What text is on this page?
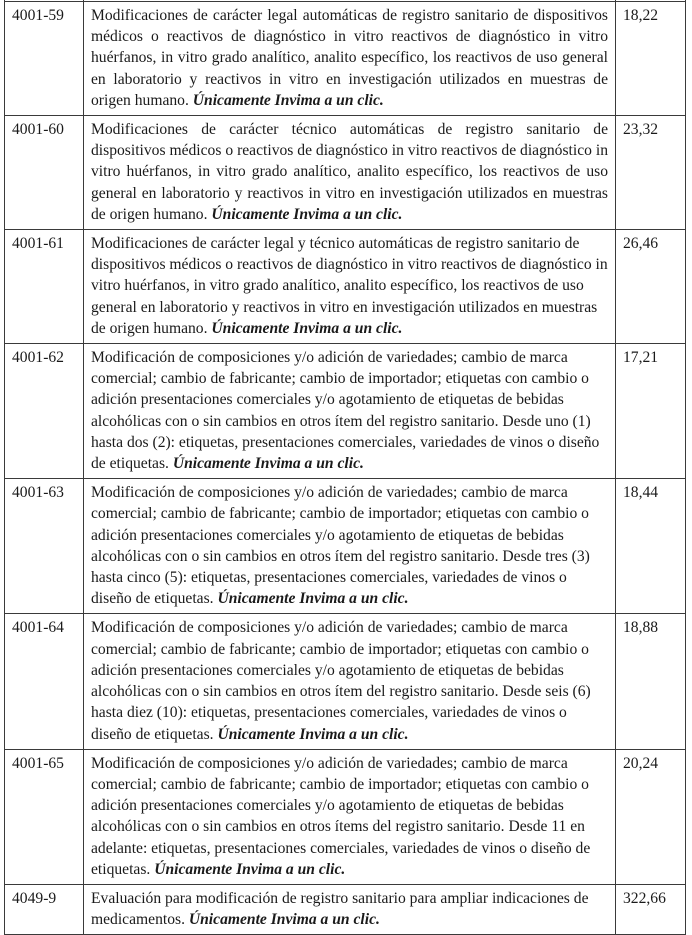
4001-59	Modificaciones de carácter legal automáticas de registro sanitario de dispositivos médicos o reactivos de diagnóstico in vitro reactivos de diagnóstico in vitro huérfanos, in vitro grado analítico, analito específico, los reactivos de uso general en laboratorio y reactivos in vitro en investigación utilizados en muestras de origen humano. Únicamente Invima a un clic.	18,22
4001-60	Modificaciones de carácter técnico automáticas de registro sanitario de dispositivos médicos o reactivos de diagnóstico in vitro reactivos de diagnóstico in vitro huérfanos, in vitro grado analítico, analito específico, los reactivos de uso general en laboratorio y reactivos in vitro en investigación utilizados en muestras de origen humano. Únicamente Invima a un clic.	23,32
4001-61	Modificaciones de carácter legal y técnico automáticas de registro sanitario de dispositivos médicos o reactivos de diagnóstico in vitro reactivos de diagnóstico in vitro huérfanos, in vitro grado analítico, analito específico, los reactivos de uso general en laboratorio y reactivos in vitro en investigación utilizados en muestras de origen humano. Únicamente Invima a un clic.	26,46
4001-62	Modificación de composiciones y/o adición de variedades; cambio de marca comercial; cambio de fabricante; cambio de importador; etiquetas con cambio o adición presentaciones comerciales y/o agotamiento de etiquetas de bebidas alcohólicas con o sin cambios en otros ítem del registro sanitario. Desde uno (1) hasta dos (2): etiquetas, presentaciones comerciales, variedades de vinos o diseño de etiquetas. Únicamente Invima a un clic.	17,21
4001-63	Modificación de composiciones y/o adición de variedades; cambio de marca comercial; cambio de fabricante; cambio de importador; etiquetas con cambio o adición presentaciones comerciales y/o agotamiento de etiquetas de bebidas alcohólicas con o sin cambios en otros ítem del registro sanitario. Desde tres (3) hasta cinco (5): etiquetas, presentaciones comerciales, variedades de vinos o diseño de etiquetas. Únicamente Invima a un clic.	18,44
4001-64	Modificación de composiciones y/o adición de variedades; cambio de marca comercial; cambio de fabricante; cambio de importador; etiquetas con cambio o adición presentaciones comerciales y/o agotamiento de etiquetas de bebidas alcohólicas con o sin cambios en otros ítem del registro sanitario. Desde seis (6) hasta diez (10): etiquetas, presentaciones comerciales, variedades de vinos o diseño de etiquetas. Únicamente Invima a un clic.	18,88
4001-65	Modificación de composiciones y/o adición de variedades; cambio de marca comercial; cambio de fabricante; cambio de importador; etiquetas con cambio o adición presentaciones comerciales y/o agotamiento de etiquetas de bebidas alcohólicas con o sin cambios en otros ítems del registro sanitario. Desde 11 en adelante: etiquetas, presentaciones comerciales, variedades de vinos o diseño de etiquetas. Únicamente Invima a un clic.	20,24
4049-9	Evaluación para modificación de registro sanitario para ampliar indicaciones de medicamentos. Únicamente Invima a un clic.	322,66
